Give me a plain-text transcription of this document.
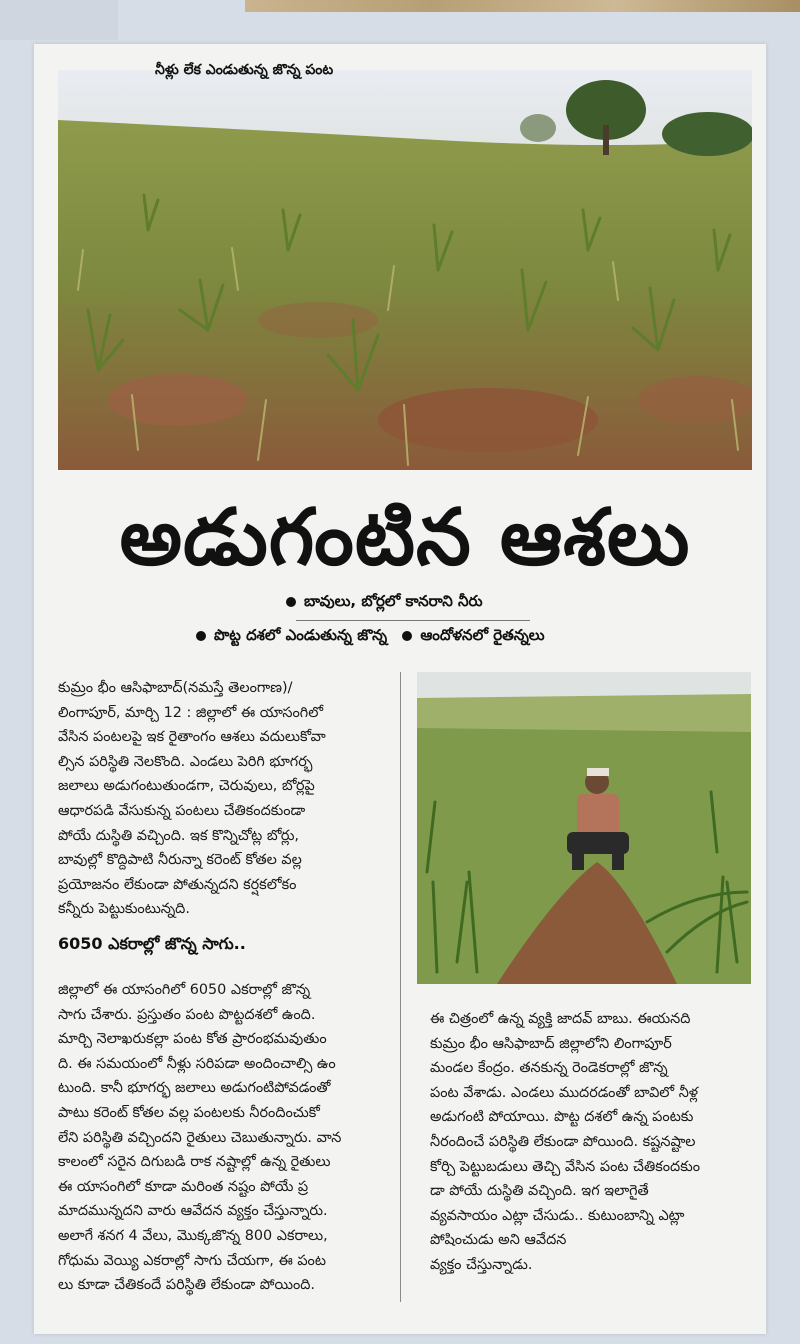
నీళ్లు లేక ఎండుతున్న జొన్న పంట
అడుగంటిన ఆశలు
బావులు, బోర్లలో కానరాని నీరు
పొట్ట దశలో ఎండుతున్న జొన్న ఆందోళనలో రైతన్నలు

కుమ్రం భీం ఆసిఫాబాద్(నమస్తే తెలంగాణ)/

లింగాపూర్, మార్చి 12 : జిల్లాలో ఈ యాసంగిలో

వేసిన పంటలపై ఇక రైతాంగం ఆశలు వదులుకోవా

ల్సిన పరిస్థితి నెలకొంది. ఎండలు పెరిగి భూగర్భ

జలాలు అడుగంటుతుండగా, చెరువులు, బోర్లపై

ఆధారపడి వేసుకున్న పంటలు చేతికందకుండా

పోయే దుస్థితి వచ్చింది. ఇక కొన్నిచోట్ల బోర్లు,

బావుల్లో కొద్దిపాటి నీరున్నా కరెంట్ కోతల వల్ల

ప్రయోజనం లేకుండా పోతున్నదని కర్షకలోకం

కన్నీరు పెట్టుకుంటున్నది.

6050 ఎకరాల్లో జొన్న సాగు..

జిల్లాలో ఈ యాసంగిలో 6050 ఎకరాల్లో జొన్న

సాగు చేశారు. ప్రస్తుతం పంట పొట్టదశలో ఉంది.

మార్చి నెలాఖరుకల్లా పంట కోత ప్రారంభమవుతుం

ది. ఈ సమయంలో నీళ్లు సరిపడా అందించాల్సి ఉం

టుంది. కానీ భూగర్భ జలాలు అడుగంటిపోవడంతో

పాటు కరెంట్ కోతల వల్ల పంటలకు నీరందించుకో

లేని పరిస్థితి వచ్చిందని రైతులు చెబుతున్నారు. వాన

కాలంలో సరైన దిగుబడి రాక నష్టాల్లో ఉన్న రైతులు

ఈ యాసంగిలో కూడా మరింత నష్టం పోయే ప్ర

మాదమున్నదని వారు ఆవేదన వ్యక్తం చేస్తున్నారు.

అలాగే శనగ 4 వేలు, మొక్కజొన్న 800 ఎకరాలు,

గోధుమ వెయ్యి ఎకరాల్లో సాగు చేయగా, ఈ పంట

లు కూడా చేతికందే పరిస్థితి లేకుండా పోయింది.

ఈ చిత్రంలో ఉన్న వ్యక్తి జాదవ్ బాబు. ఈయనది

కుమ్రం భీం ఆసిఫాబాద్ జిల్లాలోని లింగాపూర్

మండల కేంద్రం. తనకున్న రెండెకరాల్లో జొన్న

పంట వేశాడు. ఎండలు ముదరడంతో బావిలో నీళ్ల

అడుగంటి పోయాయి. పొట్ట దశలో ఉన్న పంటకు

నీరందించే పరిస్థితి లేకుండా పోయింది. కష్టనష్టాల

కోర్చి పెట్టుబడులు తెచ్చి వేసిన పంట చేతికందకుం

డా పోయే దుస్థితి వచ్చింది. ఇగ ఇలాగైతే

వ్యవసాయం ఎట్లా చేసుడు.. కుటుంబాన్ని ఎట్లా

పోషించుడు అని ఆవేదన

వ్యక్తం చేస్తున్నాడు.
